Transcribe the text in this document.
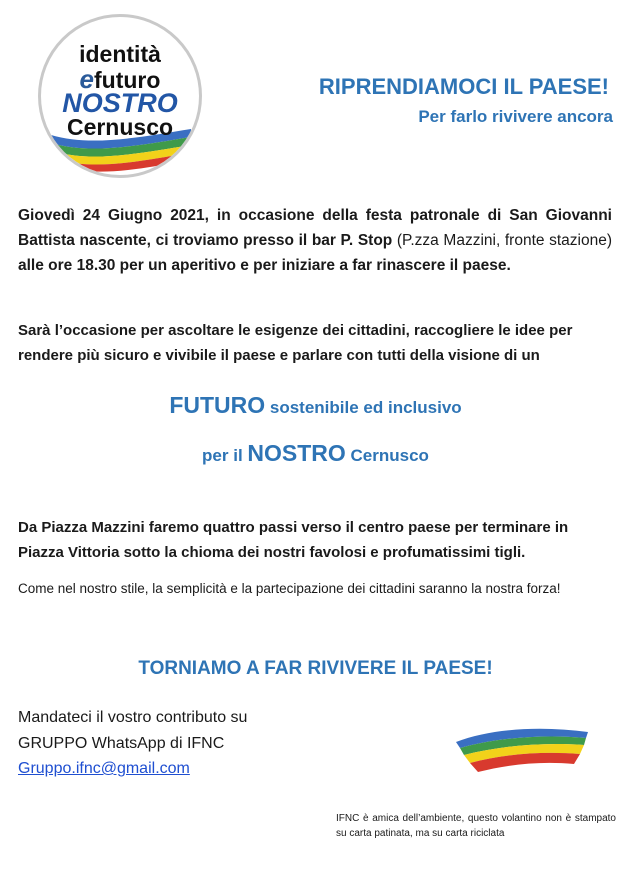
identità
efuturo
NOSTRO
Cernusco
RIPRENDIAMOCI IL PAESE!
Per farlo rivivere ancora

Giovedì 24 Giugno 2021, in occasione della festa patronale di San Giovanni Battista nascente, ci troviamo presso il bar P. Stop (P.zza Mazzini, fronte stazione) alle ore 18.30 per un aperitivo e per iniziare a far rinascere il paese.

Sarà l’occasione per ascoltare le esigenze dei cittadini, raccogliere le idee per rendere più sicuro e vivibile il paese e parlare con tutti della visione di un

FUTURO sostenibile ed inclusivo

per il NOSTRO Cernusco

Da Piazza Mazzini faremo quattro passi verso il centro paese per terminare in Piazza Vittoria sotto la chioma dei nostri favolosi e profumatissimi tigli.

Come nel nostro stile, la semplicità e la partecipazione dei cittadini saranno la nostra forza!

TORNIAMO A FAR RIVIVERE IL PAESE!
Mandateci il vostro contributo su
GRUPPO WhatsApp di IFNC
Gruppo.ifnc@gmail.com

IFNC è amica dell’ambiente, questo volantino non è stampato su carta patinata, ma su carta riciclata
